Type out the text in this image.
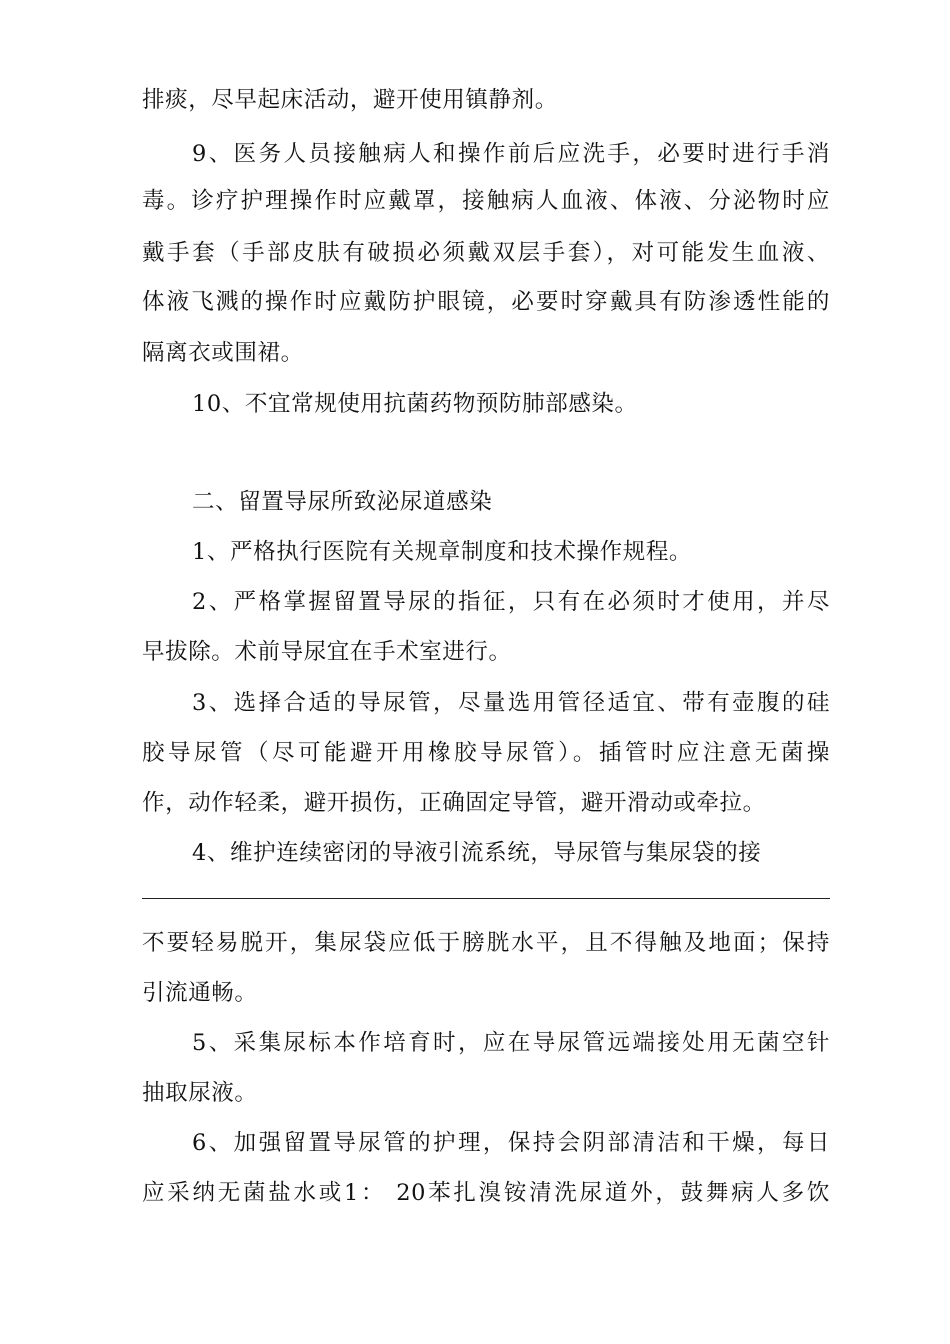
排痰，尽早起床活动，避开使用镇静剂。
9、医务人员接触病人和操作前后应洗手，必要时进行手消
毒。诊疗护理操作时应戴罩，接触病人血液、体液、分泌物时应
戴手套（手部皮肤有破损必须戴双层手套），对可能发生血液、
体液飞溅的操作时应戴防护眼镜，必要时穿戴具有防渗透性能的
隔离衣或围裙。
10、不宜常规使用抗菌药物预防肺部感染。
二、留置导尿所致泌尿道感染
1、严格执行医院有关规章制度和技术操作规程。
2、严格掌握留置导尿的指征，只有在必须时才使用，并尽
早拔除。术前导尿宜在手术室进行。
3、选择合适的导尿管，尽量选用管径适宜、带有壶腹的硅
胶导尿管（尽可能避开用橡胶导尿管）。插管时应注意无菌操
作，动作轻柔，避开损伤，正确固定导管，避开滑动或牵拉。
4、维护连续密闭的导液引流系统，导尿管与集尿袋的接
不要轻易脱开，集尿袋应低于膀胱水平，且不得触及地面；保持
引流通畅。
5、采集尿标本作培育时，应在导尿管远端接处用无菌空针
抽取尿液。
6、加强留置导尿管的护理，保持会阴部清洁和干燥，每日
应采纳无菌盐水或1： 20苯扎溴铵清洗尿道外，鼓舞病人多饮
